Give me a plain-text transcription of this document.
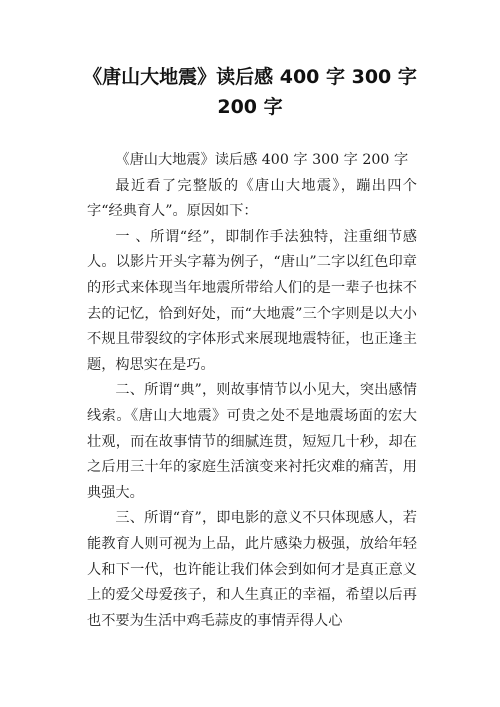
《唐山大地震》读后感 400 字 300 字
200 字

《唐山大地震》读后感 400 字 300 字 200 字

最近看了完整版的《唐山大地震》，蹦出四个字“经典育人”。原因如下：

一 、所谓“经”，即制作手法独特，注重细节感人。以影片开头字幕为例子，“唐山”二字以红色印章的形式来体现当年地震所带给人们的是一辈子也抹不去的记忆，恰到好处，而“大地震”三个字则是以大小不规且带裂纹的字体形式来展现地震特征，也正逢主题，构思实在是巧。

二、所谓“典”，则故事情节以小见大，突出感情线索。《唐山大地震》可贵之处不是地震场面的宏大壮观，而在故事情节的细腻连贯，短短几十秒，却在之后用三十年的家庭生活演变来衬托灾难的痛苦，用典强大。

三、所谓“育”，即电影的意义不只体现感人，若能教育人则可视为上品，此片感染力极强，放给年轻人和下一代，也许能让我们体会到如何才是真正意义上的爱父母爱孩子，和人生真正的幸福，希望以后再也不要为生活中鸡毛蒜皮的事情弄得人心
